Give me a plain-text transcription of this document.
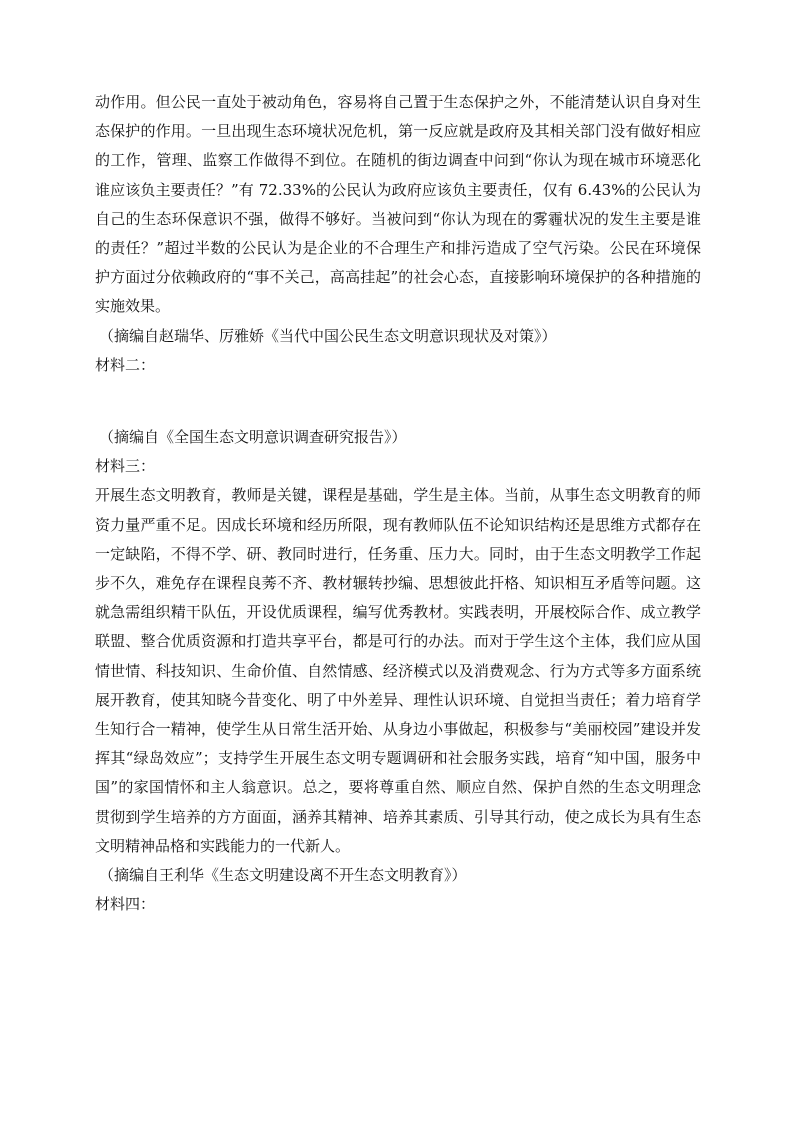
动作用。但公民一直处于被动角色，容易将自己置于生态保护之外，不能清楚认识自身对生态保护的作用。一旦出现生态环境状况危机，第一反应就是政府及其相关部门没有做好相应的工作，管理、监察工作做得不到位。在随机的街边调查中问到“你认为现在城市环境恶化谁应该负主要责任？”有 72.33%的公民认为政府应该负主要责任，仅有 6.43%的公民认为自己的生态环保意识不强，做得不够好。当被问到“你认为现在的雾霾状况的发生主要是谁的责任？”超过半数的公民认为是企业的不合理生产和排污造成了空气污染。公民在环境保护方面过分依赖政府的“事不关己，高高挂起”的社会心态，直接影响环境保护的各种措施的实施效果。

（摘编自赵瑞华、厉雅娇《当代中国公民生态文明意识现状及对策》）

材料二：

（摘编自《全国生态文明意识调查研究报告》）

材料三：

开展生态文明教育，教师是关键，课程是基础，学生是主体。当前，从事生态文明教育的师资力量严重不足。因成长环境和经历所限，现有教师队伍不论知识结构还是思维方式都存在一定缺陷，不得不学、研、教同时进行，任务重、压力大。同时，由于生态文明教学工作起步不久，难免存在课程良莠不齐、教材辗转抄编、思想彼此扞格、知识相互矛盾等问题。这就急需组织精干队伍，开设优质课程，编写优秀教材。实践表明，开展校际合作、成立教学联盟、整合优质资源和打造共享平台，都是可行的办法。而对于学生这个主体，我们应从国情世情、科技知识、生命价值、自然情感、经济模式以及消费观念、行为方式等多方面系统展开教育，使其知晓今昔变化、明了中外差异、理性认识环境、自觉担当责任；着力培育学生知行合一精神，使学生从日常生活开始、从身边小事做起，积极参与“美丽校园”建设并发挥其“绿岛效应”；支持学生开展生态文明专题调研和社会服务实践，培育“知中国，服务中国”的家国情怀和主人翁意识。总之，要将尊重自然、顺应自然、保护自然的生态文明理念贯彻到学生培养的方方面面，涵养其精神、培养其素质、引导其行动，使之成长为具有生态文明精神品格和实践能力的一代新人。

（摘编自王利华《生态文明建设离不开生态文明教育》）

材料四：
